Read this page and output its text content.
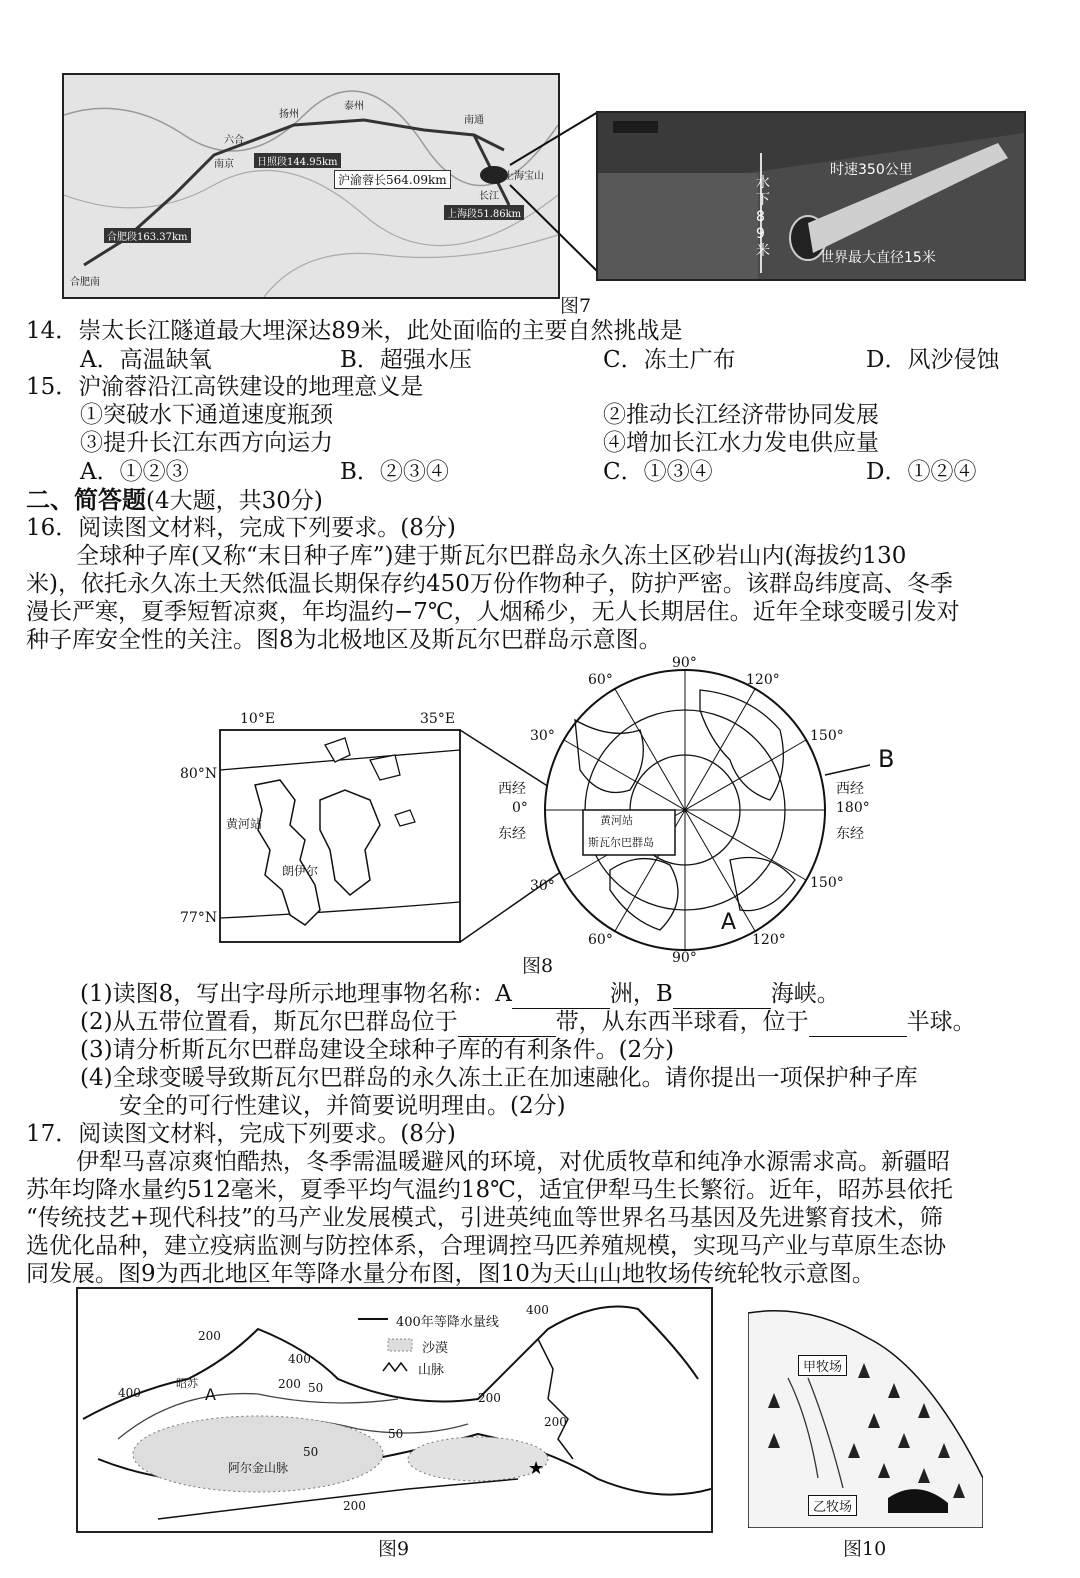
沪渝蓉长564.09km
日照段144.95km
上海段51.86km
合肥段163.37km
合肥南
六合
南京
扬州
泰州
南通
长江
上海宝山	时速350公里
水下89米	世界最大直径15米
图7
14．崇太长江隧道最大埋深达89米，此处面临的主要自然挑战是
A．高温缺氧	B．超强水压	C．冻土广布	D．风沙侵蚀
15．沪渝蓉沿江高铁建设的地理意义是
①突破水下通道速度瓶颈	②推动长江经济带协同发展
③提升长江东西方向运力	④增加长江水力发电供应量
A．①②③	B．②③④	C．①③④	D．①②④
二、简答题(4大题，共30分)
16．阅读图文材料，完成下列要求。(8分)
全球种子库(又称“末日种子库”)建于斯瓦尔巴群岛永久冻土区砂岩山内(海拔约130
米)，依托永久冻土天然低温长期保存约450万份作物种子，防护严密。该群岛纬度高、冬季
漫长严寒，夏季短暂凉爽，年均温约−7℃，人烟稀少，无人长期居住。近年全球变暖引发对
种子库安全性的关注。图8为北极地区及斯瓦尔巴群岛示意图。
10°E	35°E
80°N
77°N
黄河站
朗伊尔
90°
60°	120°
30°	150°
西经
0°
东经
西经
180°
东经
30°	150°
60°	120°
90°
黄河站
斯瓦尔巴群岛
A
B
图8
(1)读图8，写出字母所示地理事物名称：A	洲，B	海峡。
(2)从五带位置看，斯瓦尔巴群岛位于	带，从东西半球看，位于	半球。
(3)请分析斯瓦尔巴群岛建设全球种子库的有利条件。(2分)
(4)全球变暖导致斯瓦尔巴群岛的永久冻土正在加速融化。请你提出一项保护种子库
安全的可行性建议，并简要说明理由。(2分)
17．阅读图文材料，完成下列要求。(8分)
伊犁马喜凉爽怕酷热，冬季需温暖避风的环境，对优质牧草和纯净水源需求高。新疆昭
苏年均降水量约512毫米，夏季平均气温约18℃，适宜伊犁马生长繁衍。近年，昭苏县依托
“传统技艺+现代科技”的马产业发展模式，引进英纯血等世界名马基因及先进繁育技术，筛
选优化品种，建立疫病监测与防控体系，合理调控马匹养殖规模，实现马产业与草原生态协
同发展。图9为西北地区年等降水量分布图，图10为天山山地牧场传统轮牧示意图。
★
400年等降水量线
沙漠
山脉
400
200
400
200 50
200
50
400
200
50
200
昭苏
A
阿尔金山脉
图9
甲牧场
乙牧场
图10
